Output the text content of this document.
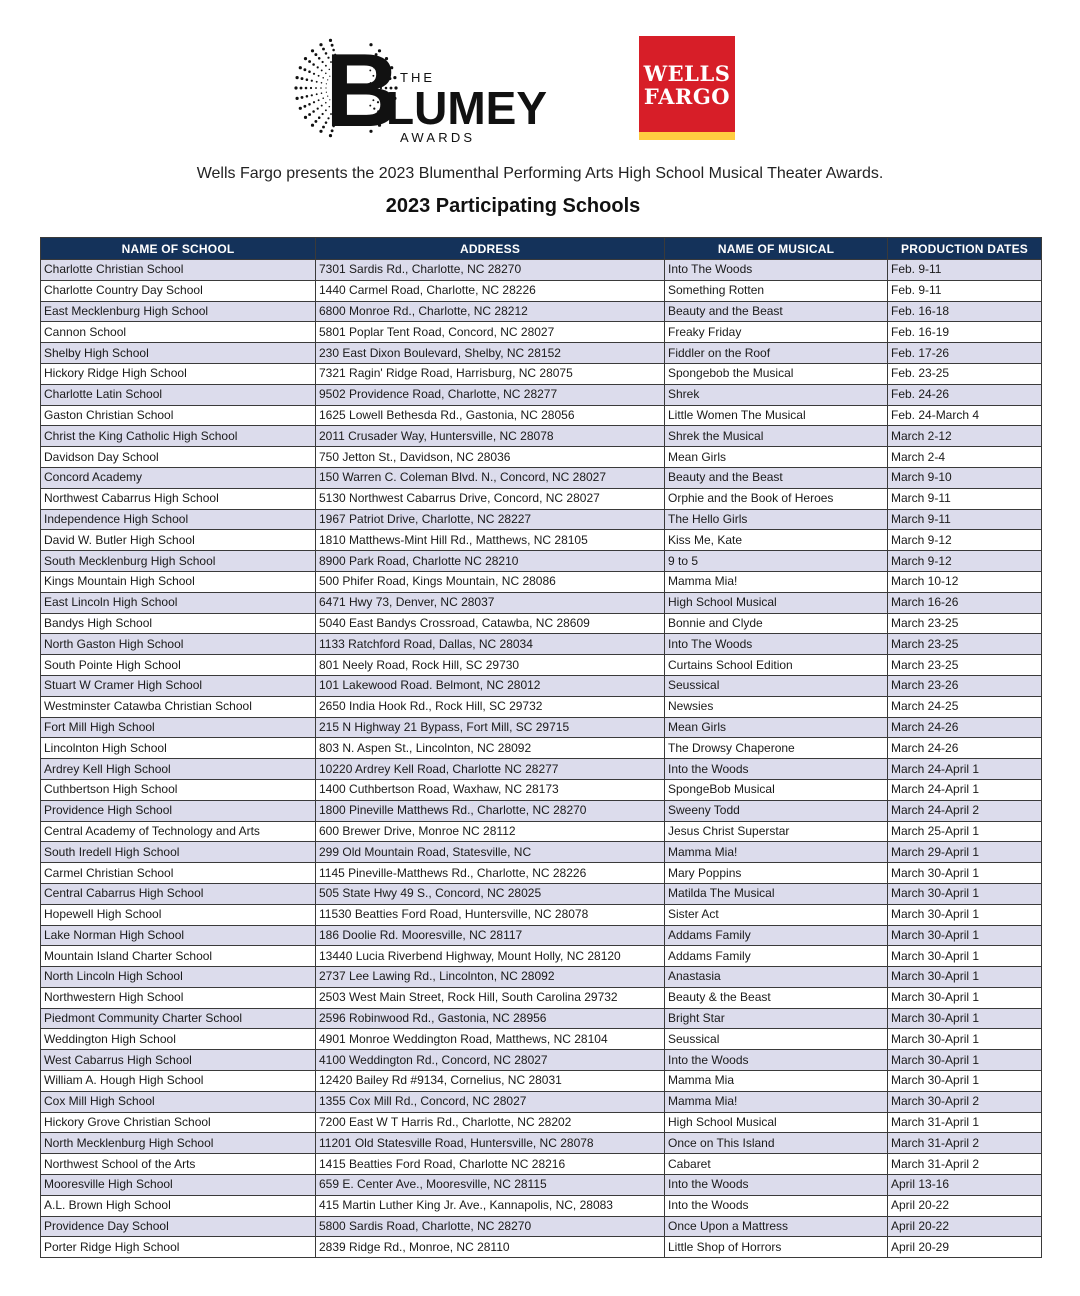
B THE
LUMEY
AWARDS
WELLS
FARGO
Wells Fargo presents the 2023 Blumenthal Performing Arts High School Musical Theater Awards.
2023 Participating Schools
NAME OF SCHOOL	ADDRESS	NAME OF MUSICAL	PRODUCTION DATES
Charlotte Christian School	7301 Sardis Rd., Charlotte, NC 28270	Into The Woods	Feb. 9-11
Charlotte Country Day School	1440 Carmel Road, Charlotte, NC 28226	Something Rotten	Feb. 9-11
East Mecklenburg High School	6800 Monroe Rd., Charlotte, NC 28212	Beauty and the Beast	Feb. 16-18
Cannon School	5801 Poplar Tent Road, Concord, NC 28027	Freaky Friday	Feb. 16-19
Shelby High School	230 East Dixon Boulevard, Shelby, NC 28152	Fiddler on the Roof	Feb. 17-26
Hickory Ridge High School	7321 Ragin' Ridge Road, Harrisburg, NC 28075	Spongebob the Musical	Feb. 23-25
Charlotte Latin School	9502 Providence Road, Charlotte, NC 28277	Shrek	Feb. 24-26
Gaston Christian School	1625 Lowell Bethesda Rd., Gastonia, NC 28056	Little Women The Musical	Feb. 24-March 4
Christ the King Catholic High School	2011 Crusader Way, Huntersville, NC 28078	Shrek the Musical	March 2-12
Davidson Day School	750 Jetton St., Davidson, NC 28036	Mean Girls	March 2-4
Concord Academy	150 Warren C. Coleman Blvd. N., Concord, NC 28027	Beauty and the Beast	March 9-10
Northwest Cabarrus High School	5130 Northwest Cabarrus Drive, Concord, NC 28027	Orphie and the Book of Heroes	March 9-11
Independence High School	1967 Patriot Drive, Charlotte, NC 28227	The Hello Girls	March 9-11
David W. Butler High School	1810 Matthews-Mint Hill Rd., Matthews, NC 28105	Kiss Me, Kate	March 9-12
South Mecklenburg High School	8900 Park Road, Charlotte NC 28210	9 to 5	March 9-12
Kings Mountain High School	500 Phifer Road, Kings Mountain, NC 28086	Mamma Mia!	March 10-12
East Lincoln High School	6471 Hwy 73, Denver, NC 28037	High School Musical	March 16-26
Bandys High School	5040 East Bandys Crossroad, Catawba, NC 28609	Bonnie and Clyde	March 23-25
North Gaston High School	1133 Ratchford Road, Dallas, NC 28034	Into The Woods	March 23-25
South Pointe High School	801 Neely Road, Rock Hill, SC 29730	Curtains School Edition	March 23-25
Stuart W Cramer High School	101 Lakewood Road. Belmont, NC 28012	Seussical	March 23-26
Westminster Catawba Christian School	2650 India Hook Rd., Rock Hill, SC 29732	Newsies	March 24-25
Fort Mill High School	215 N Highway 21 Bypass, Fort Mill, SC 29715	Mean Girls	March 24-26
Lincolnton High School	803 N. Aspen St., Lincolnton, NC 28092	The Drowsy Chaperone	March 24-26
Ardrey Kell High School	10220 Ardrey Kell Road, Charlotte NC 28277	Into the Woods	March 24-April 1
Cuthbertson High School	1400 Cuthbertson Road, Waxhaw, NC 28173	SpongeBob Musical	March 24-April 1
Providence High School	1800 Pineville Matthews Rd., Charlotte, NC 28270	Sweeny Todd	March 24-April 2
Central Academy of Technology and Arts	600 Brewer Drive, Monroe NC 28112	Jesus Christ Superstar	March 25-April 1
South Iredell High School	299 Old Mountain Road, Statesville, NC	Mamma Mia!	March 29-April 1
Carmel Christian School	1145 Pineville-Matthews Rd., Charlotte, NC 28226	Mary Poppins	March 30-April 1
Central Cabarrus High School	505 State Hwy 49 S., Concord, NC 28025	Matilda The Musical	March 30-April 1
Hopewell High School	11530 Beatties Ford Road, Huntersville, NC 28078	Sister Act	March 30-April 1
Lake Norman High School	186 Doolie Rd. Mooresville, NC 28117	Addams Family	March 30-April 1
Mountain Island Charter School	13440 Lucia Riverbend Highway, Mount Holly, NC 28120	Addams Family	March 30-April 1
North Lincoln High School	2737 Lee Lawing Rd., Lincolnton, NC 28092	Anastasia	March 30-April 1
Northwestern High School	2503 West Main Street, Rock Hill, South Carolina 29732	Beauty & the Beast	March 30-April 1
Piedmont Community Charter School	2596 Robinwood Rd., Gastonia, NC 28956	Bright Star	March 30-April 1
Weddington High School	4901 Monroe Weddington Road, Matthews, NC 28104	Seussical	March 30-April 1
West Cabarrus High School	4100 Weddington Rd., Concord, NC 28027	Into the Woods	March 30-April 1
William A. Hough High School	12420 Bailey Rd #9134, Cornelius, NC 28031	Mamma Mia	March 30-April 1
Cox Mill High School	1355 Cox Mill Rd., Concord, NC 28027	Mamma Mia!	March 30-April 2
Hickory Grove Christian School	7200 East W T Harris Rd., Charlotte, NC 28202	High School Musical	March 31-April 1
North Mecklenburg High School	11201 Old Statesville Road, Huntersville, NC 28078	Once on This Island	March 31-April 2
Northwest School of the Arts	1415 Beatties Ford Road, Charlotte NC 28216	Cabaret	March 31-April 2
Mooresville High School	659 E. Center Ave., Mooresville, NC 28115	Into the Woods	April 13-16
A.L. Brown High School	415 Martin Luther King Jr. Ave., Kannapolis, NC, 28083	Into the Woods	April 20-22
Providence Day School	5800 Sardis Road, Charlotte, NC 28270	Once Upon a Mattress	April 20-22
Porter Ridge High School	2839 Ridge Rd., Monroe, NC 28110	Little Shop of Horrors	April 20-29
